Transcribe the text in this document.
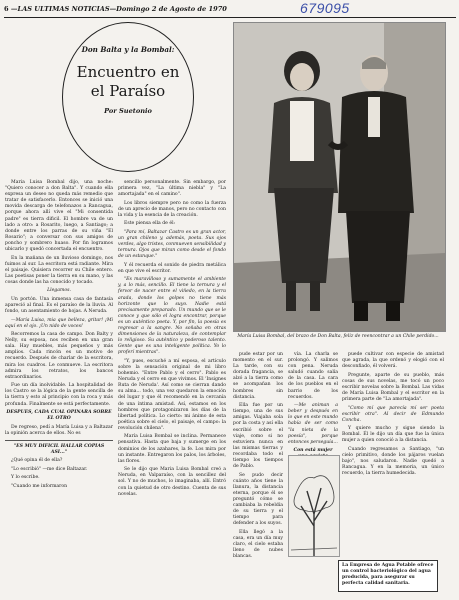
6 —LAS ULTIMAS NOTICIAS—Domingo 2 de Agosto de 1970	679095
Don Balta y la Bombal:
Encuentro en el Paraíso
Por Suetonio

Maria Luisa Bombal dijo, una noche: "Quiero conocer a don Balta". Y cuando ella expresa un deseo no queda más remedio que tratar de satisfacerlo. Entonces se inició una movida descarga de telefonazos a Rancagua, porque ahora allí vive el "Mi consentida padre" es tierra dificil. El hombre va de un lado a otro: a Rosarito, luego, a Santiago; a donde entre los parras de su viña "El Rosario"; a conversar con sus amigos de poncho y sombrero huaso. Por fin logramos ubicarlo y quedó concertada el encuentro.

En la mañana de un lluvioso domingo, nos fuimos al sur. La escritora está radiante. Mira el paisaje. Quisiera recorrer su Chile entero. Las poetisas poner la tierra en su mano, y las cosas donde las ha conocido y tocado.

Llegamos.

Un portón. Una inmensa casa de fantasía apareció al final. Es el paraíso de la lluvia. Al fondo, un asentamiento de hojas. A Neruda.

—María Luisa, mia que belleza, gritar! ¡Mi aquí en el ojo. ¡Un nido de voces!

Recorremos la casa de campo. Don Balty y Nelly, su esposa, nos reciben en una gran sala. Hay muebles, más pequeños y más amplios. Cada rincón es un motivo de recuerdo. Después de charlar de la escritora, mira los cuadros. Le conmueve. La escritora admira los retratos, los bancos extraordinarios.

Fue un día inolvidable. La hospitalidad de los Castro se la lógica de la gente sencilla de la tierra y esto al principio con la roca y más profunda. Finalmente se está perfectamente.

DESPUES, CADA CUAL OPINARA SOBRE EL OTRO

De regreso, pedí a María Luisa y a Baltazar la opinión acerca de ellos. No es

"ES MUY DIFICIL HALLAR COPIAS ASI..."

¿Qué opina él de ella?

"Lo escribió" —me dice Baltazar.

Y lo escribe.

"Cuando me informaron

sencillo personalmente. Sin embargo, por primera vez, "La última niebla" y "La amortajada" en el camino".

Los libros siempre pero no como la fuerza de un aprecio de manos, pero no contacto con la vida y la esencia de la creación.

Este piensa ella de él:

"Para mí, Baltazar Castro es un gran actor, un gran chileno y, además, poeta. Sus ojos verdes, algo tristes, conmueven sensibilidad y ternura. Ojos que miran como desde el fondo de un estanque."

Y él recuerda el sonido de piedra metálica en que vive el escritor.

"Es maravilloso y sumamente el ambiente y, a lo más, sencillo. El tiene la ternura y el fervor de nacer entre el viñedo, en la tierra arada, donde los golpes no tiene más horizonte que lo suyo. Nadie está precisamente preparado. Un mundo que se le conoce y que sólo el logra encontrar, porque es un auténtico poeta. Y, por fin, la poesía es regresar a la sangre. No soñaba en otras dimensiones de la naturaleza, de contemplar lo religioso. Su auténtico y poderoso talento. Gente que es una inteligente política. Yo lo proferí mientras".

"Y, pues, escuché a mí esposa, el artículo sobre la sensación original de mi libro bohemio. "Entre Pablo y el cerro". Pablo es Neruda y el cerro en que vivimos. El 'Insignes Ruta de Neruda'. Así como se cierran dando su alma... todo, una vez quedaron la emoción del lugar y que él recomendó en la cercanía de una íntima amistad. Así, estamos en los hombres que protagonizaron los días de la libertad política. Lo cierto: mi ánimo de esta poética sobre el cielo, el paisaje, el campo: la revolución chilena".

María Luisa Bombal se inclina. Permanece pensativa. Hasta que baja y sumerge en los dominios de los azahares, la fe. Los mira por un instante. Entregaron los palos, los árboles, las flores.

Se le dijo que Maria Luisa Bombal creó a Neruda, en Valparaíso, con la sencillez del sol. Y no de muchos, lo imaginaba, allí. Entró con la quietud de otro destino. Cuenta de sus novelas.

María Luisa Bombal, del brazo de Don Balta, feliz de reencontrar a un Chile perdido...

pude estar por un momento en el sur. La tarde, con su dorada fragancia, se alzó a la tierra como se acompañan los hombres sin distancia.

Ella fue por un tiempo, una de sus amigas. Viajaba sola por la costa y así ella escribió sobre el viaje, como si no estuviera nunca en las mismas tierras y recordaba todo el tiempo los tiempos de Pablo.

Se pudo decir cuánto años tiene la llanura, la distancia eterna, porque él se preguntó cómo se cambiaba la rebeldía de su tierra y el tiempo para defender a los suyos.

Ella llegó a la casa, era un día muy claro, el cielo estaba lleno de nubes blancas.

vía. La charla se prolongó. Y salimos con pena. Neruda saludó cuando salía de la casa. La cara de los pueblos en el barrio de los recuerdos.

—Me animan a beber y después en lo que en este mundo había de ser como "la nieta de la poesía", porque entonces perseguía...

Con está mujer

puede cultivar con especie de amistad que agrada, la que ordenó y elogió con el desconfiado, él volverá.

Pregunte, aparte de su pueblo, más cosas de sus novelas, me tocó un poco escribir novelas sobre la Bombal. Las vidas de María Luisa Bombal y el escritor en la primera parte de "La amortajada".

"Como mí que parecía mí ser poeta escribir otra". Al decir de Edmundo Concha.

Y quiere mucho y sigue siendo la Bombal. Él le dijo un día que fue la única mujer a quien conoció a la distancia.

Cuando regresamos a Santiago, "un cielo primitivo, donde los pájaros vuelan bajo", nos saludaron. Nadie quedó a Rancagua. Y en la memoria, un único recuerdo, la tierra humedecida.

La Empresa de Agua Potable ofrece un control bacteriológico del agua producida, para asegurar su perfecta calidad sanitaria.
